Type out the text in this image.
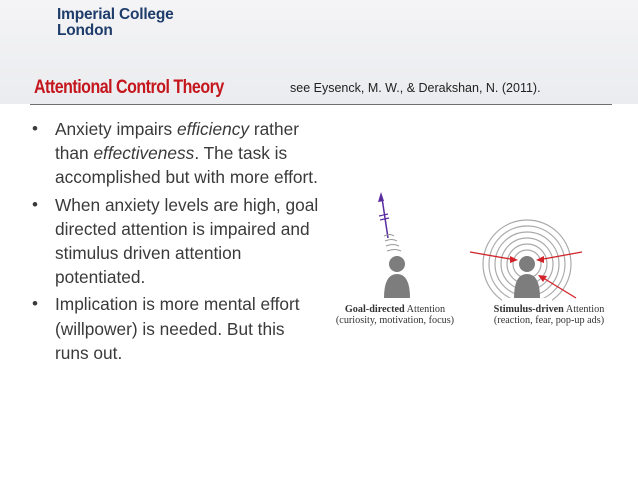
Imperial College
London
Attentional Control Theory	see Eysenck, M. W., & Derakshan, N. (2011).
• Anxiety impairs efficiency rather than effectiveness. The task is accomplished but with more effort.
• When anxiety levels are high, goal directed attention is impaired and stimulus driven attention potentiated.
• Implication is more mental effort (willpower) is needed. But this runs out.
Goal-directed Attention
(curiosity, motivation, focus)
Stimulus-driven Attention
(reaction, fear, pop-up ads)
